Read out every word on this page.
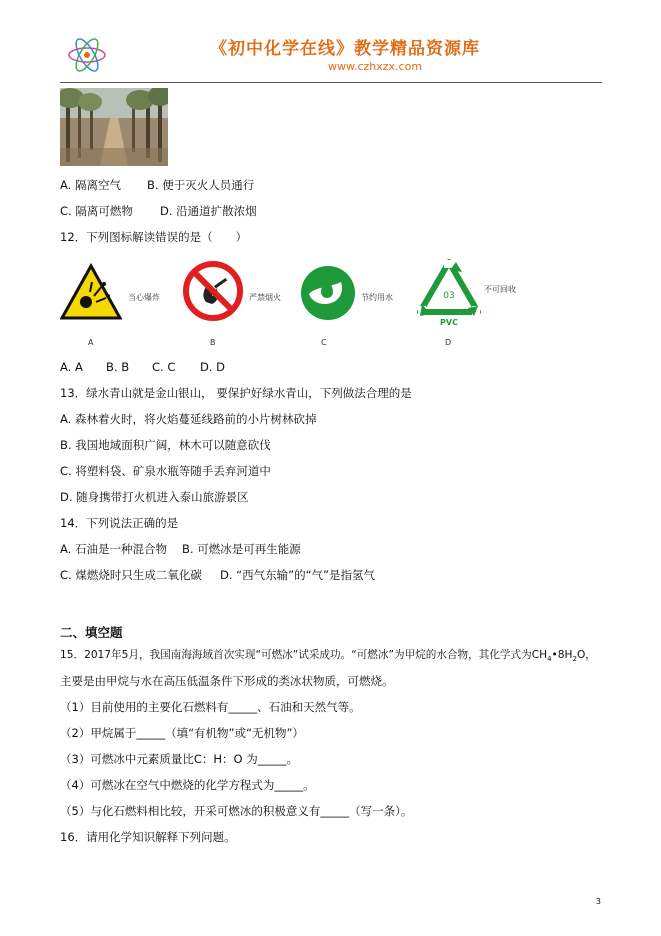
《初中化学在线》教学精品资源库
www.czhxzx.com
A. 隔离空气 B. 便于灭火人员通行
C. 隔离可燃物 D. 沿通道扩散浓烟
12．下列图标解读错误的是（　　）
当心爆炸
A
严禁烟火
B
节约用水
C
03
PVC
不可回收
D
A. A B. B C. C D. D
13．绿水青山就是金山银山， 要保护好绿水青山，下列做法合理的是
A. 森林着火时，将火焰蔓延线路前的小片树林砍掉
B. 我国地域面积广阔，林木可以随意砍伐
C. 将塑料袋、矿泉水瓶等随手丢弃河道中
D. 随身携带打火机进入泰山旅游景区
14．下列说法正确的是
A. 石油是一种混合物 B. 可燃冰是可再生能源
C. 煤燃烧时只生成二氧化碳 D. “西气东输”的“气”是指氢气
二、填空题
15．2017年5月，我国南海海域首次实现“可燃冰”试采成功。“可燃冰”为甲烷的水合物，其化学式为$CH_4•8H_2O$，
主要是由甲烷与水在高压低温条件下形成的类冰状物质，可燃烧。
（1）目前使用的主要化石燃料有_____、石油和天然气等。
（2）甲烷属于_____（填“有机物”或“无机物”）
（3）可燃冰中元素质量比C：H：O 为_____。
（4）可燃冰在空气中燃烧的化学方程式为_____。
（5）与化石燃料相比较，开采可燃冰的积极意义有_____（写一条）。
16．请用化学知识解释下列问题。
3
